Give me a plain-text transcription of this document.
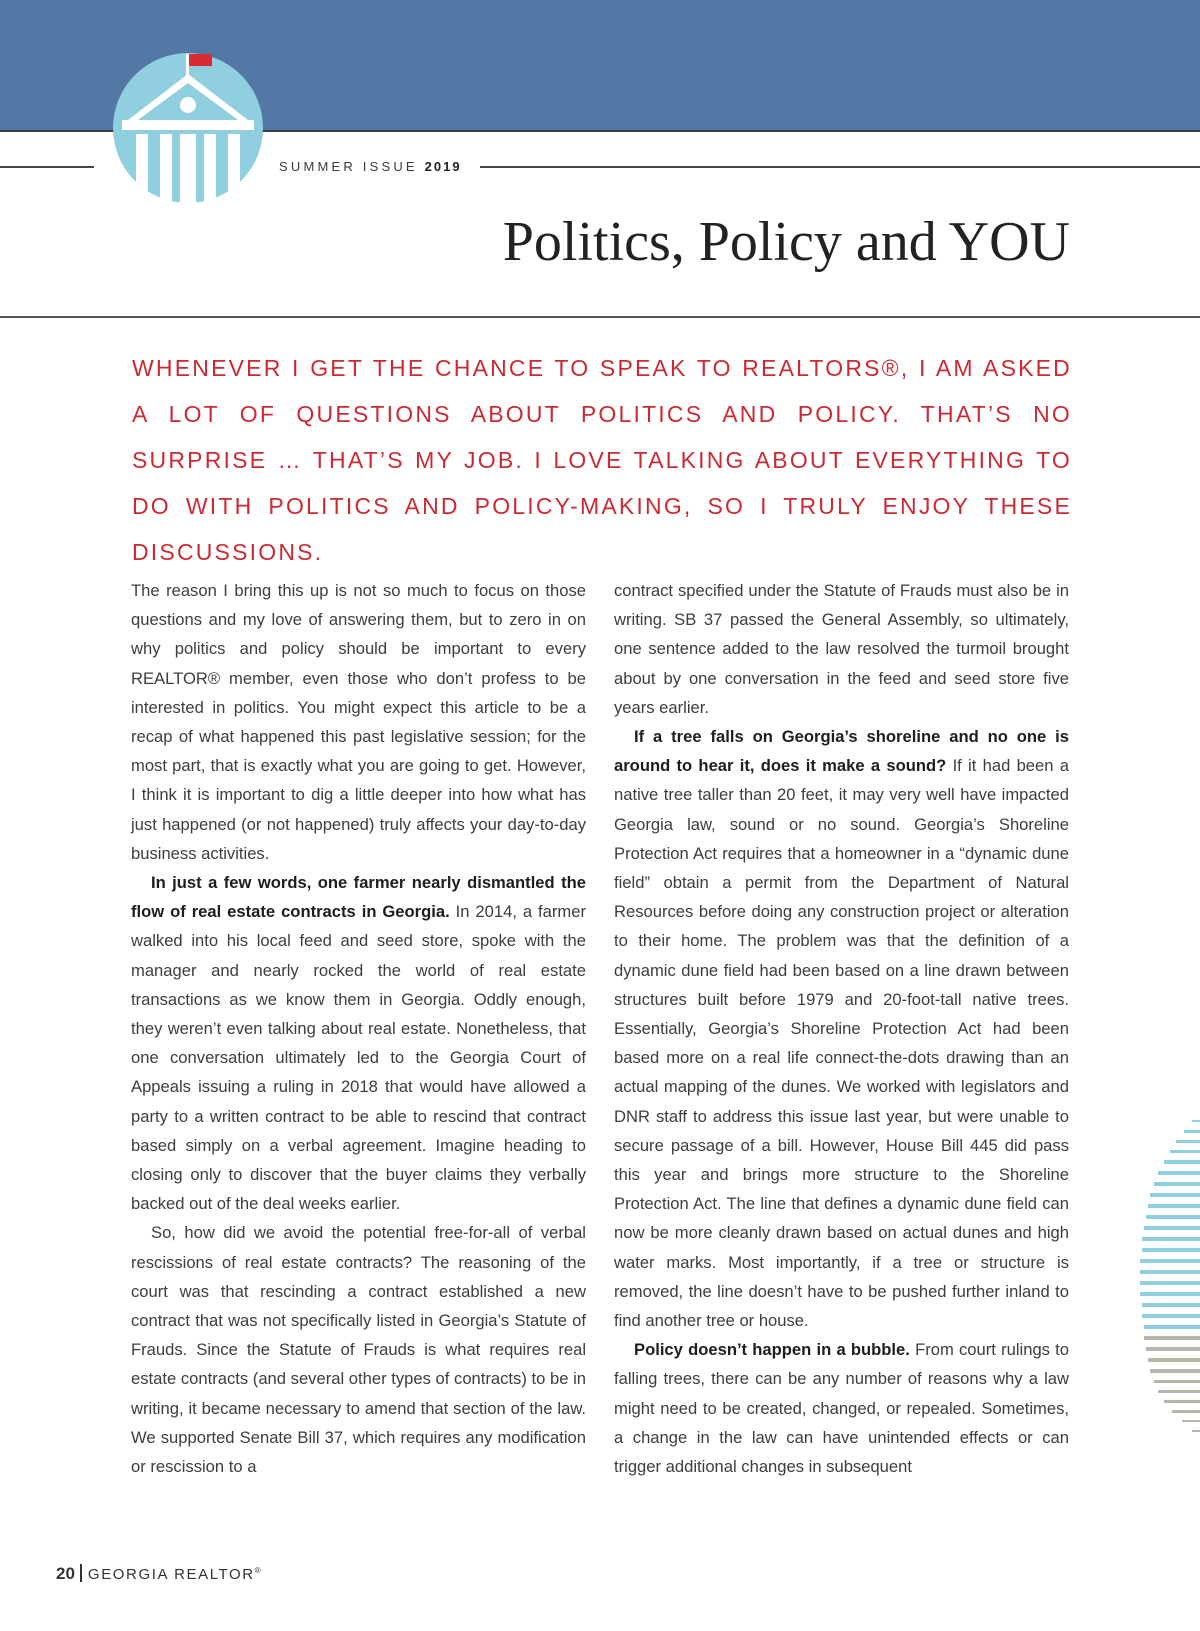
SUMMER ISSUE 2019
Politics, Policy and YOU

WHENEVER I GET THE CHANCE TO SPEAK TO REALTORS®, I AM ASKED A LOT OF QUESTIONS ABOUT POLITICS AND POLICY. THAT’S NO SURPRISE … THAT’S MY JOB. I LOVE TALKING ABOUT EVERYTHING TO DO WITH POLITICS AND POLICY-MAKING, SO I TRULY ENJOY THESE DISCUSSIONS.

The reason I bring this up is not so much to focus on those questions and my love of answering them, but to zero in on why politics and policy should be important to every REALTOR® member, even those who don’t profess to be interested in politics. You might expect this article to be a recap of what happened this past legislative session; for the most part, that is exactly what you are going to get. However, I think it is important to dig a little deeper into how what has just happened (or not happened) truly affects your day-to-day business activities.

In just a few words, one farmer nearly dismantled the flow of real estate contracts in Georgia. In 2014, a farmer walked into his local feed and seed store, spoke with the manager and nearly rocked the world of real estate transactions as we know them in Georgia. Oddly enough, they weren’t even talking about real estate. Nonetheless, that one conversation ultimately led to the Georgia Court of Appeals issuing a ruling in 2018 that would have allowed a party to a written contract to be able to rescind that contract based simply on a verbal agreement. Imagine heading to closing only to discover that the buyer claims they verbally backed out of the deal weeks earlier.

So, how did we avoid the potential free-for-all of verbal rescissions of real estate contracts? The reasoning of the court was that rescinding a contract established a new contract that was not specifically listed in Georgia’s Statute of Frauds. Since the Statute of Frauds is what requires real estate contracts (and several other types of contracts) to be in writing, it became necessary to amend that section of the law. We supported Senate Bill 37, which requires any modification or rescission to a

contract specified under the Statute of Frauds must also be in writing. SB 37 passed the General Assembly, so ultimately, one sentence added to the law resolved the turmoil brought about by one conversation in the feed and seed store five years earlier.

If a tree falls on Georgia’s shoreline and no one is around to hear it, does it make a sound? If it had been a native tree taller than 20 feet, it may very well have impacted Georgia law, sound or no sound. Georgia’s Shoreline Protection Act requires that a homeowner in a “dynamic dune field” obtain a permit from the Department of Natural Resources before doing any construction project or alteration to their home. The problem was that the definition of a dynamic dune field had been based on a line drawn between structures built before 1979 and 20-foot-tall native trees. Essentially, Georgia’s Shoreline Protection Act had been based more on a real life connect-the-dots drawing than an actual mapping of the dunes. We worked with legislators and DNR staff to address this issue last year, but were unable to secure passage of a bill. However, House Bill 445 did pass this year and brings more structure to the Shoreline Protection Act. The line that defines a dynamic dune field can now be more cleanly drawn based on actual dunes and high water marks. Most importantly, if a tree or structure is removed, the line doesn’t have to be pushed further inland to find another tree or house.

Policy doesn’t happen in a bubble. From court rulings to falling trees, there can be any number of reasons why a law might need to be created, changed, or repealed. Sometimes, a change in the law can have unintended effects or can trigger additional changes in subsequent

20 GEORGIA REALTOR®
